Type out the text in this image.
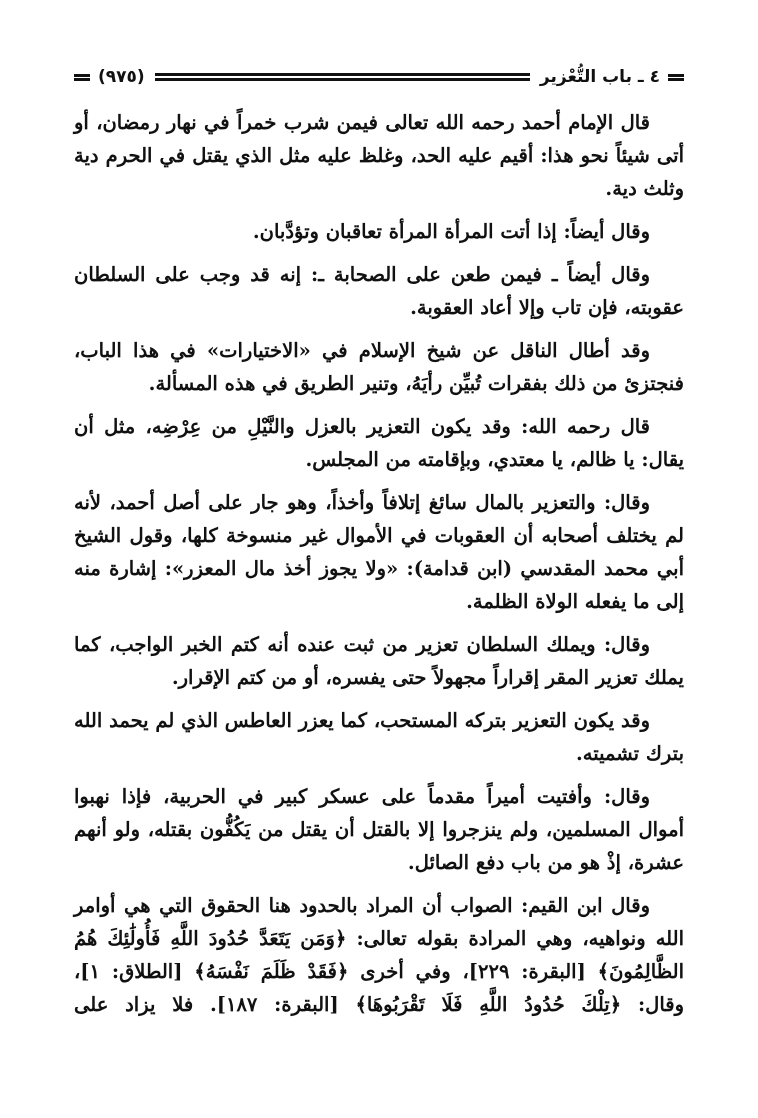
٤ ـ باب التُّعْزير
(٩٧٥)

قال الإمام أحمد رحمه الله تعالى فيمن شرب خمراً في نهار رمضان، أو أتى شيئاً نحو هذا: أقيم عليه الحد، وغلظ عليه مثل الذي يقتل في الحرم دية وثلث دية.

وقال أيضاً: إذا أتت المرأة المرأة تعاقبان وتؤدَّبان.

وقال أيضاً ـ فيمن طعن على الصحابة ـ: إنه قد وجب على السلطان عقوبته، فإن تاب وإلا أعاد العقوبة.

وقد أطال الناقل عن شيخ الإسلام في «الاختيارات» في هذا الباب، فنجتزئ من ذلك بفقرات تُبيِّن رأيَهُ، وتنير الطريق في هذه المسألة.

قال رحمه الله: وقد يكون التعزير بالعزل والنَّيْلِ من عِرْضِه، مثل أن يقال: يا ظالم، يا معتدي، وبإقامته من المجلس.

وقال: والتعزير بالمال سائغ إتلافاً وأخذاً، وهو جار على أصل أحمد، لأنه لم يختلف أصحابه أن العقوبات في الأموال غير منسوخة كلها، وقول الشيخ أبي محمد المقدسي (ابن قدامة): «ولا يجوز أخذ مال المعزر»: إشارة منه إلى ما يفعله الولاة الظلمة.

وقال: ويملك السلطان تعزير من ثبت عنده أنه كتم الخبر الواجب، كما يملك تعزير المقر إقراراً مجهولاً حتى يفسره، أو من كتم الإقرار.

وقد يكون التعزير بتركه المستحب، كما يعزر العاطس الذي لم يحمد الله بترك تشميته.

وقال: وأفتيت أميراً مقدماً على عسكر كبير في الحربية، فإذا نهبوا أموال المسلمين، ولم ينزجروا إلا بالقتل أن يقتل من يَكُفُّون بقتله، ولو أنهم عشرة، إذْ هو من باب دفع الصائل.

وقال ابن القيم: الصواب أن المراد بالحدود هنا الحقوق التي هي أوامر الله ونواهيه، وهي المرادة بقوله تعالى: ﴿وَمَن يَتَعَدَّ حُدُودَ اللَّهِ فَأُولَٰئِكَ هُمُ الظَّالِمُونَ﴾ [البقرة: ٢٢٩]، وفي أخرى ﴿فَقَدْ ظَلَمَ نَفْسَهُ﴾ [الطلاق: ١]، وقال: ﴿تِلْكَ حُدُودُ اللَّهِ فَلَا تَقْرَبُوهَا﴾ [البقرة: ١٨٧]. فلا يزاد على
